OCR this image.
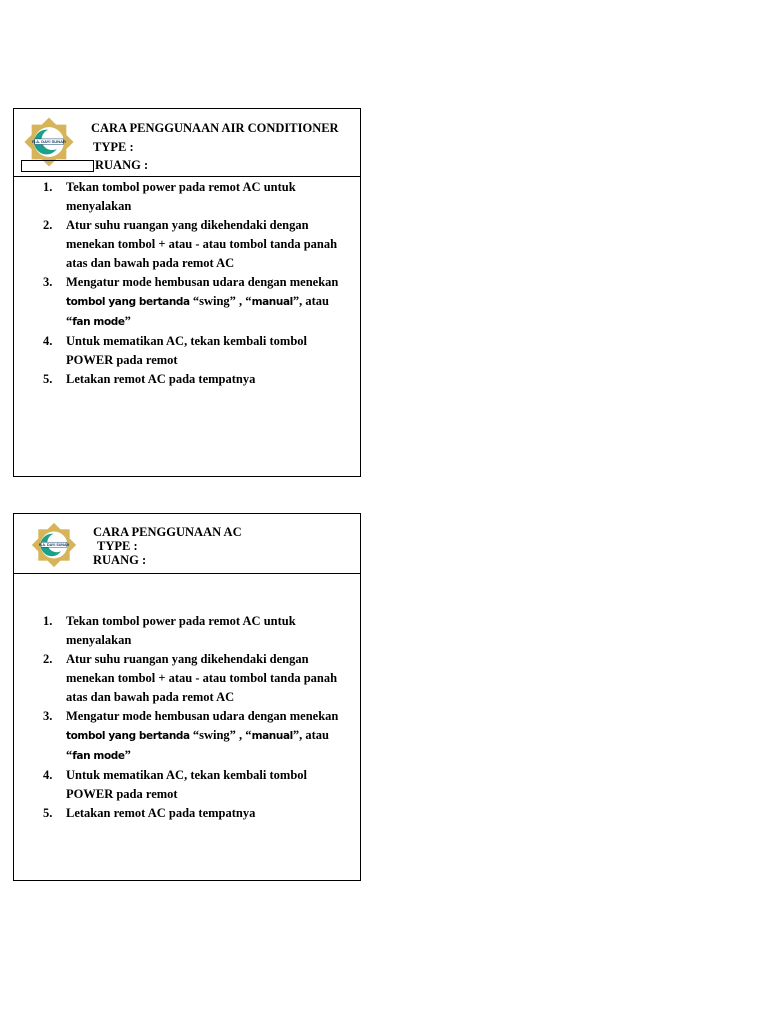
R.A. DAYI SUNAR
CARA PENGGUNAAN AIR CONDITIONER
TYPE :
RUANG :
1. Tekan tombol power pada remot AC untuk menyalakan
2. Atur suhu ruangan yang dikehendaki dengan menekan tombol + atau - atau tombol tanda panah atas dan bawah pada remot AC
3. Mengatur mode hembusan udara dengan menekan tombol yang bertanda “swing” , “manual”, atau “fan mode”
4. Untuk mematikan AC, tekan kembali tombol POWER pada remot
5. Letakan remot AC pada tempatnya
R.A. DAYI SUNAR
CARA PENGGUNAAN AC
TYPE :
RUANG :
1. Tekan tombol power pada remot AC untuk menyalakan
2. Atur suhu ruangan yang dikehendaki dengan menekan tombol + atau - atau tombol tanda panah atas dan bawah pada remot AC
3. Mengatur mode hembusan udara dengan menekan tombol yang bertanda “swing” , “manual”, atau “fan mode”
4. Untuk mematikan AC, tekan kembali tombol POWER pada remot
5. Letakan remot AC pada tempatnya
